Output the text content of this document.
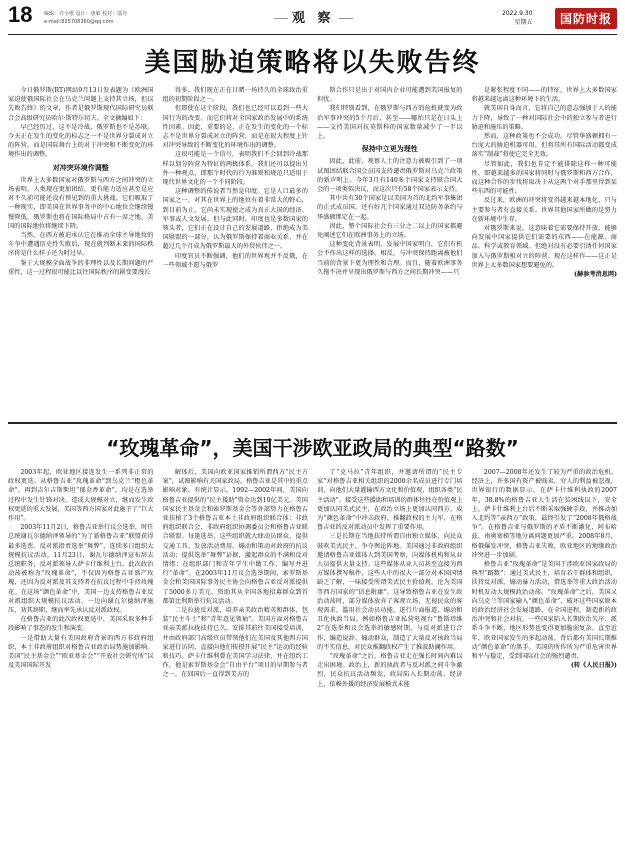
18 编辑：许小歌 设计：惠敏 校对：邬丹
e-mail:825708360@qq.com	观 察	2022.9.30
星期五	国防时报
美国胁迫策略将以失败告终

今日俄罗斯(RT)网站9月13日发表题为《欧洲国家迫使俄国际社会在乌克兰问题上支持其立场，但以失败告终》的文章，作者是俄罗斯现代国际研究员联合会高级研究员哈尔·斯特尔切夫。全文摘编如下：

早已经历过，这不是冷战，俄罗斯也不是苏联。今天正在发生的变化的标志之一不是世界分裂成对立的阵营，而是国际舞台上的对于冲突和不断变化的环境作出的调整。

对冲突环境作调整

世界上大多数国家对俄罗斯与西方之间冲突的立场表明，人类现在更加团结，更有能力适应甚至是应对不久前可能还没有预见到的重大挑战。它们吸取了一种现实，即美国在世界事务中的中心地位会继续慢慢降低，俄罗斯也将在国际格局中占有一席之地，美国的国际地位将继续下降。

当然，在西方被迫承认它在推动全球主导地位的斗争中遭遇历史性失败后，现在就判断未来的国际秩序将是什么样子还为时过早。

鉴于大规模全面战争的非理性以及长期问题的严重性，这一过程很可能比以往国际秩序的剧变要漫长

得多。我们现在正在目睹一场持久的全球政治重组的初期阶段之一。

但即使在这个阶段，我们也已经可以看到一些大国行为的改变。而它们将对全国家政治发展中的系统性因素。因此，重要的是，正在发生的变化的一个标志不是世界分裂成对立的阵营，而是在很大程度上针对冲突导致的不断变化的环境作出的调整。

这很可能是一个信号，表明我们不会回到冷战那样以划分阵营为特征的两极体系。我们还可以提出另外一种观点，即那个时代的行为准则和规范只适用于现代世界文化的一个不同阶段。

这种调整的传说者当然是印度。它是人口最多的国家之一，对其在世界上的地位有着非常大的野心，到目前为止，它尚未实现使之成为真正大国的经济、军事或人文发展。但与此同时，印度也是多数国家的领头者，它们正在设计自己的发展道路，拒绝成为美国联盟的一部分，认为俄罗斯保持着商业关系，并在超过几个月成为俄罗斯最大的外贸伙伴之一。

印度官员不断强调，他们的世界观并不反俄，在一些领域不愿与俄罗

斯合作只是出于对国内企业可能遭到美国报复的担忧。

我们特别看到，在俄罗斯与西方的危机就变为政治军事冲突的5个月后，甚至——哪怕只是在日头上——支持美国对抗莫斯科的国家数量减少了一半以上。

保持中立更为理性

因此，此前，观察人士的注意力被吸引到了一项试图团结联合国会员国支持谴责俄罗斯对乌克兰政策的新声明上。今年3月有140多个国家支持联合国大会的一项类似决议，而这次只有58个国家表示支持。

其中共有30个国家是以美国为首的北约军事集团的正式成员国，还有好几个国家通过双边防务条约与华盛顿绑定在一起。

因此，整个国际社会有三分之二以上的国家都避免阐述它们在欧洲事务上的立场。

这种变化背景表明，发展中国家明白，它们有机会不作出这样的选择。相反，与冲突保持距离被他们当前的背景下更为理性和合理。而且，随着欧洲事务久拖不决并呈现出俄罗斯与西方之间长期冲突——只

是紧张程度不同——的特征，世界上大多数国家将越来越远离这种环境下的生活。

就美国自身而言，它将自己的意志强加于人的能力下降，导致了一种对国际社会中的独立参与者进行胁迫和施压的策略。

然而，这种政策也不会成功。尽管华盛顿拥有一台庞大的胁迫机器可用，但将其所有国际活动都变成落实“制裁”将使它完全无效。

尽管如此，我们也肯定不能排除这样一种可能性，即越来越多的国家将同时与俄罗斯和西方合作，而这种合作的步伐将取决于从这两个对手那里得到某些东西的可能性。

反过来，欧洲的冲突将变得越来越本地化，只与主要参与者有直接关系。世界其他国家所做的是努力在新环境中生存。

对俄罗斯来说，这意味着它需要保持开放，能够向发展中国家提供它们需要的东西——在能源、商品、科学或教育领域。但绝对没有必要引诱任何国家加入与俄罗斯相对立的阵营。现在这样作——这正是世界上大多数国家想要避免的。

(赫参考消息网)

“玫瑰革命”，美国干涉欧亚政局的典型“路数”

2003年起，欧亚地区接连发生一系列非正常的政权更迭。从格鲁吉亚“玫瑰革命”到乌克兰“橙色革命”，再到吉尔吉斯斯坦“郁金香革命”，均是在选举过程中发生针锋对决，造成大规模对立，继而发生政权更迭的重大发展，美国等西方国家对此施予了“巨大作用”。

2003年11月2日，格鲁吉亚举行议会选举，时任总统谢瓦尔德纳泽领导的“为了新格鲁吉亚”联盟获得最多选票。反对派指责选举“舞弊”，连续多日组织大规模抗议活动。11月23日，谢瓦尔德纳泽宣布辞去总统职务，反对派领导人萨卡什维利上台。此次政治动荡被称为“玫瑰革命”，不仅因为格鲁吉亚盛产玫瑰，还因为反对派及其支持者在抗议过程中手持玫瑰花。在这场“颜色革命”中，美国一边支持格鲁吉亚反对派组织大规模抗议活动，一边向谢瓦尔德纳泽施压，劝其辞职，继而率先承认反对派政权。

在格鲁吉亚的此次政权更迭中，美国采取多种手段影响了事态的发生和演变。

一是借助大量有美国政府背景的西方非政府组织，本土非政府组织对格鲁吉亚政治局势施加影响。美国“民主基金会”“欧亚基金会”“开放社会研究所”以及美国国际开发

解体后，美国向欧亚国家推销所谓西方“民主方案”，试图影响有关国家政局。格鲁吉亚是其中的重点影响对象。有统计显示，1992—2002年间，美国向格鲁吉亚提供的“民主援助”资金达到10亿美元。美国国家民主基金会和索罗斯基金会等外部势力在格鲁吉亚扶植了3个格鲁吉亚本土非政府组织联合体：非政府组织联合会，非政府组织协调委员会和格鲁吉亚联合联盟。每逢选举，这些组织就大肆动员群众、提供交通工具、发放活动费用、煽动和策动对政府的抗议活动；提供选举“舞弊”证据，激起群众的不满和反对情绪；在组织部门和青年学生中做工作，编写并进行“革命”。在2003年11月议会选举期间，索罗斯基金会和美国国际事务民主协会向格鲁吉亚反对派提供了5000多万美元，资助其从全国各地招募群众到首都第比利斯举行抗议活动。

二是拉拢反对派，培养亲美政治精英和群体，包装“民主斗士”和“青年意见领袖”。美国方面对格鲁吉亚亲美派拉拢扶持已久，安排其前往美国接受培训，并由政府部门高级官员带领他们在美国及其他西方国家进行访问，直接向他们传授开展“民主”运动的经验和技巧。萨卡什维利曾在美国学习法律，并在纽约工作，他是索罗斯基金会“自由平台”项目的早期参与者之一，在回国后一直得到美方的

了“克马拉”青年组织，并邀请所谓的“民主专家”对格鲁吉亚相关组织的2000余名成员进行专门培训，向他们大量灌输西方文化和价值观，组织各类“民主活动”。接受这些援助和培训的群体往往在价值观上更加认同美式民主，在政治立场上更加认同西方，成为“颜色革命”中冲击政府、推翻政权的主力军，在格鲁吉亚的反对派动员中发挥了重要作用。

三是长期在当地扶持所谓自由独立媒体，向民众鼓吹美式民主，争夺舆论阵地。美国通过非政府组织邀请格鲁吉亚媒体人到美国考察，向媒体机构和从业人员提供大量支持。这些媒体从业人员甚至直接为西方媒体撰写稿件，这些人中的很大一部分对本国国情缺乏了解，一味接受所谓美式民主价值观，沦为美国等西方国家的“信息附庸”。这导致格鲁吉亚在发生政治动荡时，部分媒体放弃了客观立场，无视民众的客观需求，滥用社会动员功能，进行片面报道，煽动和丑化执政当局。例如格鲁吉亚私营电视台“鲁斯塔维2”在选举和议会选举的敏感时期，与反对派进行合作，编造说辞、煽动群众，制造了大量反对执政当局的不实信息，对民众推翻政权产生了推波助澜作用。

“玫瑰革命”之后，格鲁吉亚走在强长时间内难以走出困境。政治上，新的执政者与反对派之间斗争激烈，民众抗议活动频发，政局陷入长期动荡。经济上，依赖外援的经济发展模式未能

2007—2008年还发生了较为严重的政治危机。经济上，许多国有资产被贱卖，穷人的利益被忽视，世界银行的数据显示，在萨卡什维利执政的2007年，38.8%的格鲁吉亚人生活在贫困线以下，安全上，萨卡什维利上台后不断采取强硬手段，并推动加入北约等“亲西方”政策，最终引发了“2008年俄格战争”。在格鲁吉亚与俄罗斯的矛盾不断激化，阿布哈兹、南奥塞梯等地分离问题更加严重。2008年8月，格俄爆发冲突，格鲁吉亚失败，欧亚地区的地缘政治冲突进一步加剧。

格鲁吉亚“玫瑰革命”是美国干涉欧亚国家政局的典型“路数”：通过美式民主，培育若干群体和组织，扶持反对派，煽动暴力活动，借选举等重大政治活动时机发动大规模政治动荡。“玫瑰革命”之后，美国又向乌克兰等国家输入“颜色革命”，破坏这些国家原本的政治经济社会发展道路，在全国进程，制造新的政治冲突和社会对抗。一些国家陷入长期政治失序、派系斗争不断，地区形势也变得更加脆弱复杂。直至近年，欧亚国家发生的多起动荡，背后都有美国长期推动“颜色革命”的黑手。美国的所作所为严重危害世界和平与稳定，受到国际社会的强烈谴责。

(转《人民日报》)
